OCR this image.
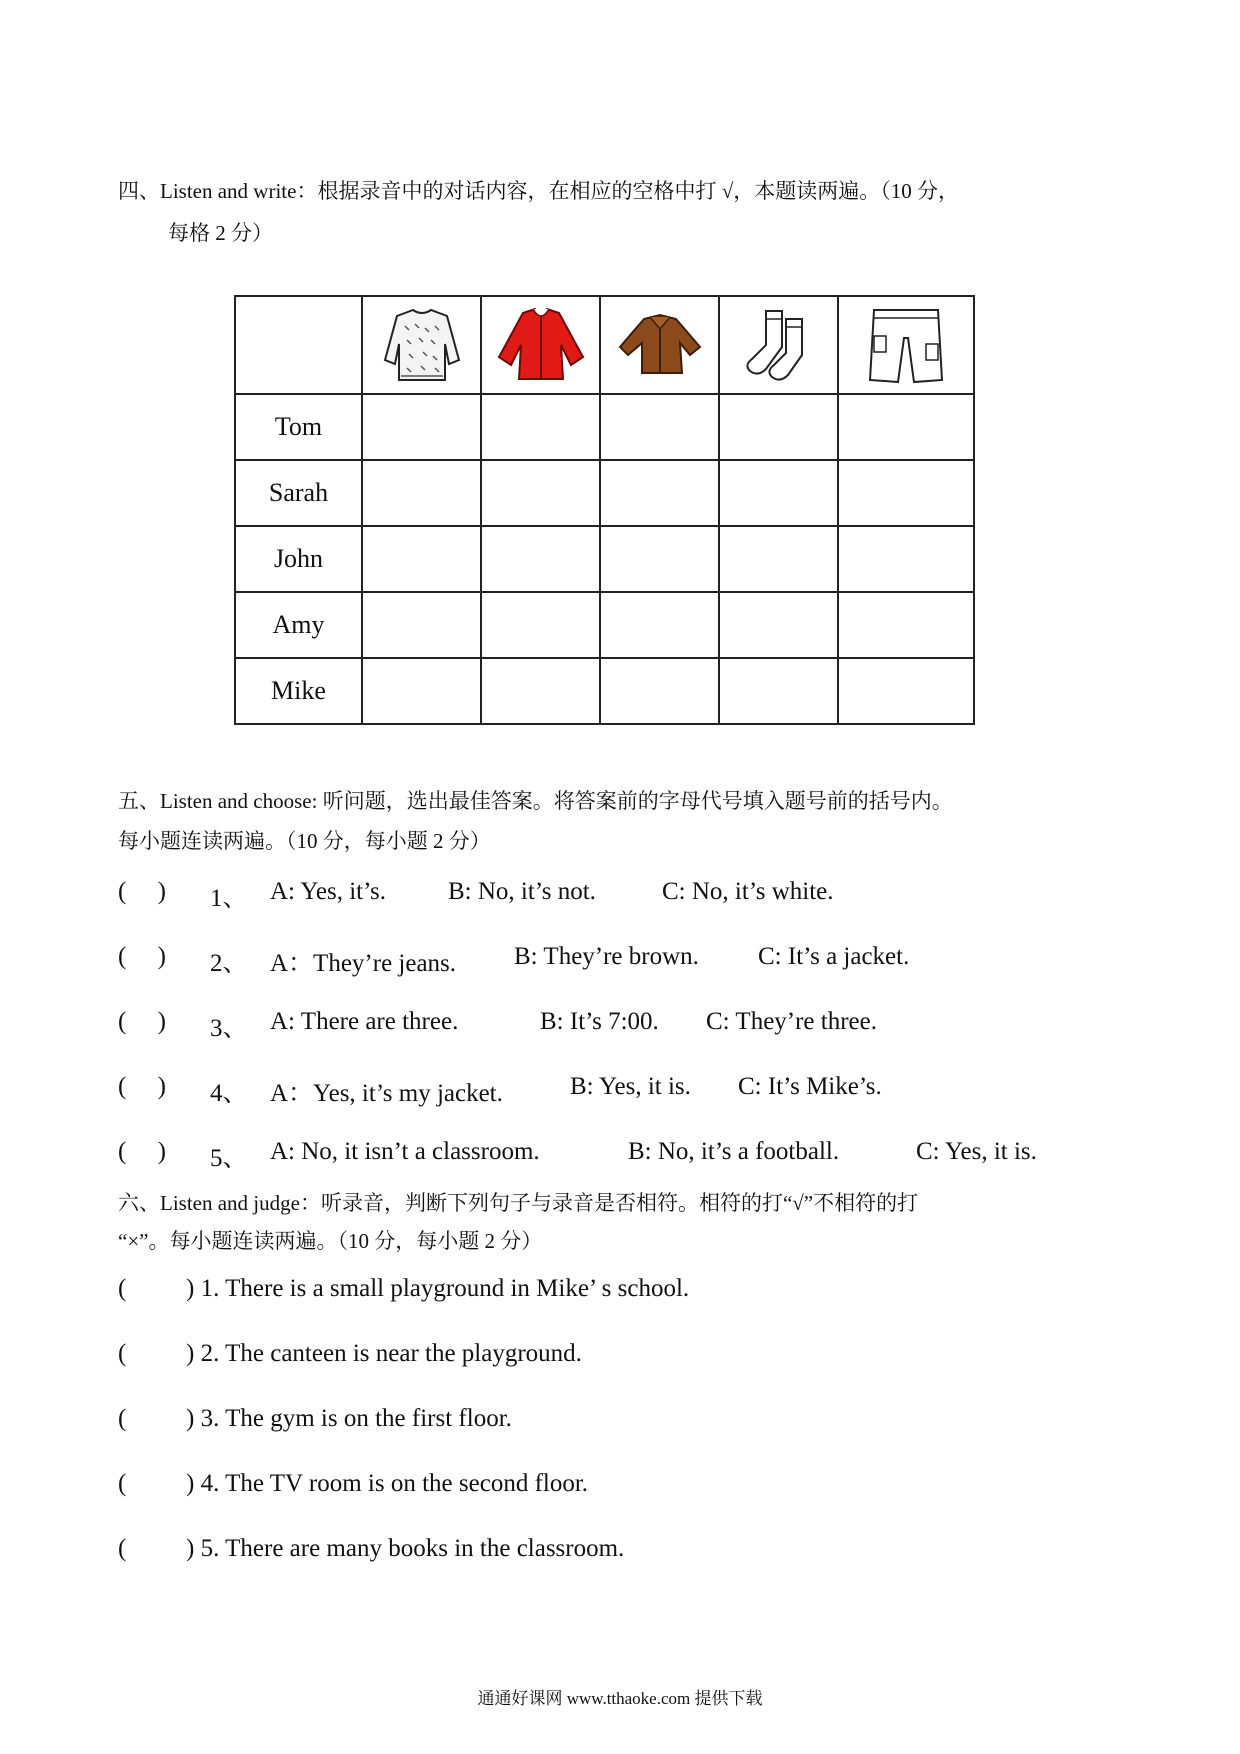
四、Listen and write：根据录音中的对话内容，在相应的空格中打 √，本题读两遍。（10 分，
每格 2 分）

Tom					
Sarah					
John					
Amy					
Mike					
五、Listen and choose: 听问题，选出最佳答案。将答案前的字母代号填入题号前的括号内。
每小题连读两遍。（10 分，每小题 2 分）
(     ) 1、 A: Yes, it’s. B: No, it’s not.	C: No, it’s white.
(     ) 2、 A：They’re jeans. B: They’re brown. C: It’s a jacket.
(     ) 3、 A: There are three.	B: It’s 7:00. C: They’re three.
(     ) 4、 A：Yes, it’s my jacket.	B: Yes, it is. C: It’s Mike’s.
(     ) 5、 A: No, it isn’t a classroom.	B: No, it’s a football.	C: Yes, it is.
六、Listen and judge：听录音，判断下列句子与录音是否相符。相符的打“√”不相符的打
“×”。每小题连读两遍。（10 分，每小题 2 分）
( ) 1. There is a small playground in Mike’ s school.
( ) 2. The canteen is near the playground.
( ) 3. The gym is on the first floor.
( ) 4. The TV room is on the second floor.
( ) 5. There are many books in the classroom.
通通好课网 www.tthaoke.com 提供下载
